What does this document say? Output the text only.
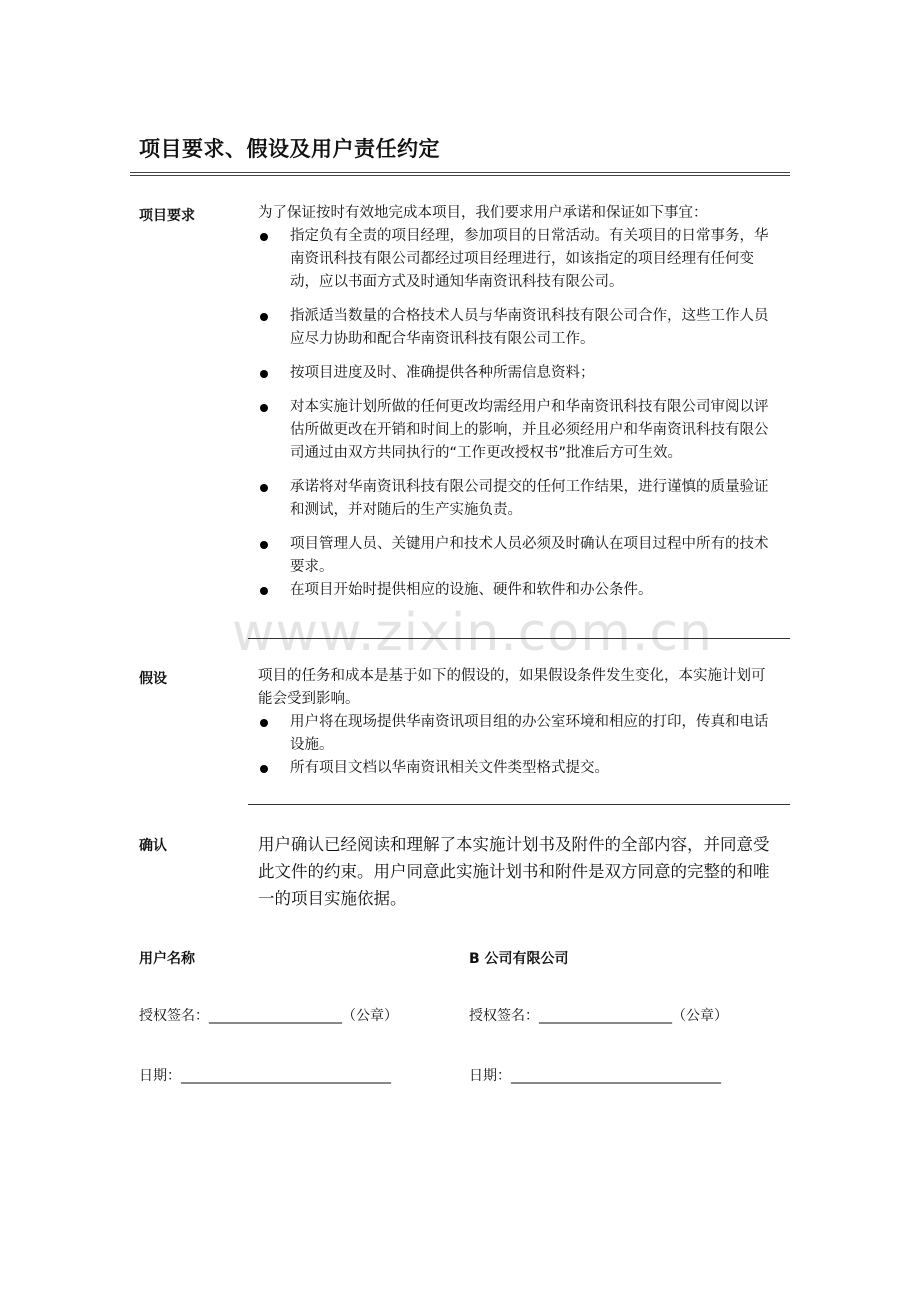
www.zixin.com.cn
项目要求、假设及用户责任约定
项目要求	为了保证按时有效地完成本项目，我们要求用户承诺和保证如下事宜：
指定负有全责的项目经理，参加项目的日常活动。有关项目的日常事务，华南资讯科技有限公司都经过项目经理进行，如该指定的项目经理有任何变动，应以书面方式及时通知华南资讯科技有限公司。
指派适当数量的合格技术人员与华南资讯科技有限公司合作，这些工作人员应尽力协助和配合华南资讯科技有限公司工作。
按项目进度及时、准确提供各种所需信息资料；
对本实施计划所做的任何更改均需经用户和华南资讯科技有限公司审阅以评估所做更改在开销和时间上的影响，并且必须经用户和华南资讯科技有限公司通过由双方共同执行的“工作更改授权书”批准后方可生效。
承诺将对华南资讯科技有限公司提交的任何工作结果，进行谨慎的质量验证和测试，并对随后的生产实施负责。
项目管理人员、关键用户和技术人员必须及时确认在项目过程中所有的技术要求。
在项目开始时提供相应的设施、硬件和软件和办公条件。
假设	项目的任务和成本是基于如下的假设的，如果假设条件发生变化，本实施计划可能会受到影响。
用户将在现场提供华南资讯项目组的办公室环境和相应的打印，传真和电话设施。
所有项目文档以华南资讯相关文件类型格式提交。
确认	用户确认已经阅读和理解了本实施计划书及附件的全部内容，并同意受此文件的约束。用户同意此实施计划书和附件是双方同意的完整的和唯一的项目实施依据。
用户名称	B 公司有限公司
授权签名：___________________（公章）	授权签名：___________________（公章）
日期：______________________________	日期：______________________________
